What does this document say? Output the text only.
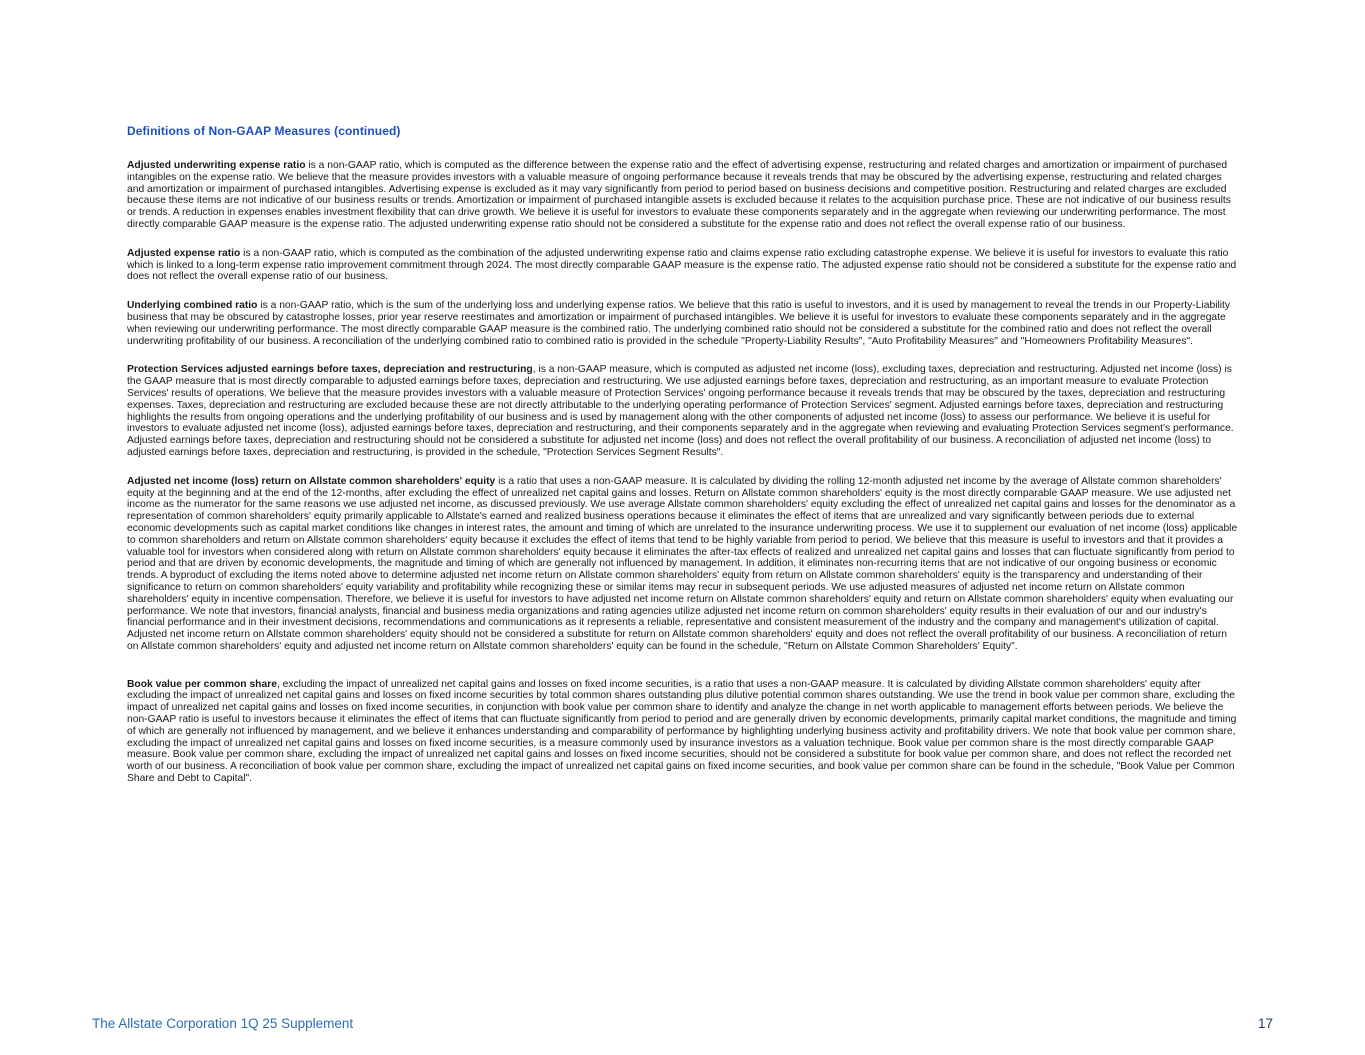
Definitions of Non-GAAP Measures (continued)

Adjusted underwriting expense ratio is a non-GAAP ratio, which is computed as the difference between the expense ratio and the effect of advertising expense, restructuring and related charges and amortization or impairment of purchased intangibles on the expense ratio. We believe that the measure provides investors with a valuable measure of ongoing performance because it reveals trends that may be obscured by the advertising expense, restructuring and related charges and amortization or impairment of purchased intangibles. Advertising expense is excluded as it may vary significantly from period to period based on business decisions and competitive position. Restructuring and related charges are excluded because these items are not indicative of our business results or trends. Amortization or impairment of purchased intangible assets is excluded because it relates to the acquisition purchase price. These are not indicative of our business results or trends. A reduction in expenses enables investment flexibility that can drive growth. We believe it is useful for investors to evaluate these components separately and in the aggregate when reviewing our underwriting performance. The most directly comparable GAAP measure is the expense ratio. The adjusted underwriting expense ratio should not be considered a substitute for the expense ratio and does not reflect the overall expense ratio of our business.

Adjusted expense ratio is a non-GAAP ratio, which is computed as the combination of the adjusted underwriting expense ratio and claims expense ratio excluding catastrophe expense. We believe it is useful for investors to evaluate this ratio which is linked to a long-term expense ratio improvement commitment through 2024. The most directly comparable GAAP measure is the expense ratio. The adjusted expense ratio should not be considered a substitute for the expense ratio and does not reflect the overall expense ratio of our business.

Underlying combined ratio is a non-GAAP ratio, which is the sum of the underlying loss and underlying expense ratios. We believe that this ratio is useful to investors, and it is used by management to reveal the trends in our Property-Liability business that may be obscured by catastrophe losses, prior year reserve reestimates and amortization or impairment of purchased intangibles. We believe it is useful for investors to evaluate these components separately and in the aggregate when reviewing our underwriting performance. The most directly comparable GAAP measure is the combined ratio. The underlying combined ratio should not be considered a substitute for the combined ratio and does not reflect the overall underwriting profitability of our business. A reconciliation of the underlying combined ratio to combined ratio is provided in the schedule "Property-Liability Results", "Auto Profitability Measures" and "Homeowners Profitability Measures".

Protection Services adjusted earnings before taxes, depreciation and restructuring, is a non-GAAP measure, which is computed as adjusted net income (loss), excluding taxes, depreciation and restructuring. Adjusted net income (loss) is the GAAP measure that is most directly comparable to adjusted earnings before taxes, depreciation and restructuring. We use adjusted earnings before taxes, depreciation and restructuring, as an important measure to evaluate Protection Services' results of operations. We believe that the measure provides investors with a valuable measure of Protection Services' ongoing performance because it reveals trends that may be obscured by the taxes, depreciation and restructuring expenses. Taxes, depreciation and restructuring are excluded because these are not directly attributable to the underlying operating performance of Protection Services' segment. Adjusted earnings before taxes, depreciation and restructuring highlights the results from ongoing operations and the underlying profitability of our business and is used by management along with the other components of adjusted net income (loss) to assess our performance. We believe it is useful for investors to evaluate adjusted net income (loss), adjusted earnings before taxes, depreciation and restructuring, and their components separately and in the aggregate when reviewing and evaluating Protection Services segment's performance. Adjusted earnings before taxes, depreciation and restructuring should not be considered a substitute for adjusted net income (loss) and does not reflect the overall profitability of our business. A reconciliation of adjusted net income (loss) to adjusted earnings before taxes, depreciation and restructuring, is provided in the schedule, "Protection Services Segment Results".

Adjusted net income (loss) return on Allstate common shareholders' equity is a ratio that uses a non-GAAP measure. It is calculated by dividing the rolling 12-month adjusted net income by the average of Allstate common shareholders' equity at the beginning and at the end of the 12-months, after excluding the effect of unrealized net capital gains and losses. Return on Allstate common shareholders' equity is the most directly comparable GAAP measure. We use adjusted net income as the numerator for the same reasons we use adjusted net income, as discussed previously. We use average Allstate common shareholders' equity excluding the effect of unrealized net capital gains and losses for the denominator as a representation of common shareholders' equity primarily applicable to Allstate's earned and realized business operations because it eliminates the effect of items that are unrealized and vary significantly between periods due to external economic developments such as capital market conditions like changes in interest rates, the amount and timing of which are unrelated to the insurance underwriting process. We use it to supplement our evaluation of net income (loss) applicable to common shareholders and return on Allstate common shareholders' equity because it excludes the effect of items that tend to be highly variable from period to period. We believe that this measure is useful to investors and that it provides a valuable tool for investors when considered along with return on Allstate common shareholders' equity because it eliminates the after-tax effects of realized and unrealized net capital gains and losses that can fluctuate significantly from period to period and that are driven by economic developments, the magnitude and timing of which are generally not influenced by management. In addition, it eliminates non-recurring items that are not indicative of our ongoing business or economic trends. A byproduct of excluding the items noted above to determine adjusted net income return on Allstate common shareholders' equity from return on Allstate common shareholders' equity is the transparency and understanding of their significance to return on common shareholders' equity variability and profitability while recognizing these or similar items may recur in subsequent periods. We use adjusted measures of adjusted net income return on Allstate common shareholders' equity in incentive compensation. Therefore, we believe it is useful for investors to have adjusted net income return on Allstate common shareholders' equity and return on Allstate common shareholders' equity when evaluating our performance. We note that investors, financial analysts, financial and business media organizations and rating agencies utilize adjusted net income return on common shareholders' equity results in their evaluation of our and our industry's financial performance and in their investment decisions, recommendations and communications as it represents a reliable, representative and consistent measurement of the industry and the company and management's utilization of capital. Adjusted net income return on Allstate common shareholders' equity should not be considered a substitute for return on Allstate common shareholders' equity and does not reflect the overall profitability of our business. A reconciliation of return on Allstate common shareholders' equity and adjusted net income return on Allstate common shareholders' equity can be found in the schedule, "Return on Allstate Common Shareholders' Equity".

Book value per common share, excluding the impact of unrealized net capital gains and losses on fixed income securities, is a ratio that uses a non-GAAP measure. It is calculated by dividing Allstate common shareholders' equity after excluding the impact of unrealized net capital gains and losses on fixed income securities by total common shares outstanding plus dilutive potential common shares outstanding. We use the trend in book value per common share, excluding the impact of unrealized net capital gains and losses on fixed income securities, in conjunction with book value per common share to identify and analyze the change in net worth applicable to management efforts between periods. We believe the non-GAAP ratio is useful to investors because it eliminates the effect of items that can fluctuate significantly from period to period and are generally driven by economic developments, primarily capital market conditions, the magnitude and timing of which are generally not influenced by management, and we believe it enhances understanding and comparability of performance by highlighting underlying business activity and profitability drivers. We note that book value per common share, excluding the impact of unrealized net capital gains and losses on fixed income securities, is a measure commonly used by insurance investors as a valuation technique. Book value per common share is the most directly comparable GAAP measure. Book value per common share, excluding the impact of unrealized net capital gains and losses on fixed income securities, should not be considered a substitute for book value per common share, and does not reflect the recorded net worth of our business. A reconciliation of book value per common share, excluding the impact of unrealized net capital gains on fixed income securities, and book value per common share can be found in the schedule, "Book Value per Common Share and Debt to Capital".

The Allstate Corporation 1Q 25 Supplement	17
